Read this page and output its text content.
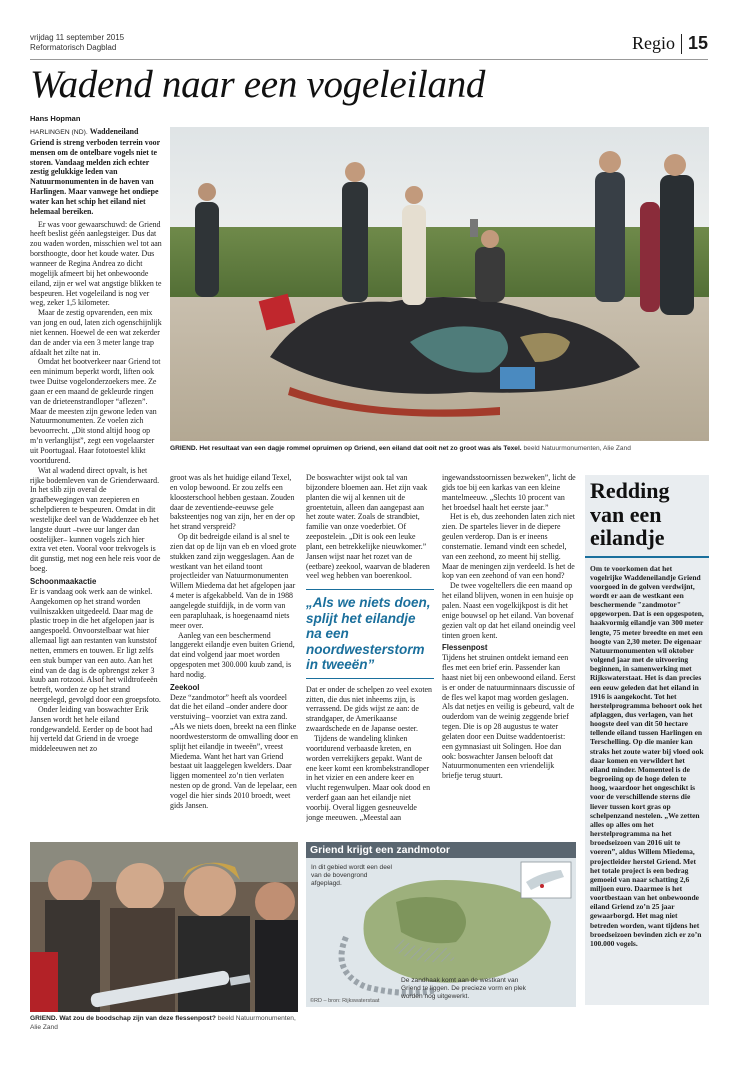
vrijdag 11 september 2015
Reformatorisch Dagblad	Regio 15
Wadend naar een vogeleiland
Hans Hopman

HARLINGEN (ND). Waddeneiland Griend is streng verboden terrein voor mensen om de ontelbare vogels niet te storen. Vandaag melden zich echter zestig gelukkige leden van Natuurmonumenten in de haven van Harlingen. Maar vanwege het ondiepe water kan het schip het eiland niet helemaal bereiken.

Er was voor gewaarschuwd: de Griend heeft beslist géén aanlegsteiger. Dus dat zou waden worden, misschien wel tot aan borsthoogte, door het koude water. Dus wanneer de Regina Andrea zo dicht mogelijk afmeert bij het onbewoonde eiland, zijn er wel wat angstige blikken te bespeuren. Het vogeleiland is nog ver weg, zeker 1,5 kilometer.

Maar de zestig opvarenden, een mix van jong en oud, laten zich ogenschijnlijk niet kennen. Hoewel de een wat zekerder dan de ander via een 3 meter lange trap afdaalt het zilte nat in.

Omdat het bootverkeer naar Griend tot een minimum beperkt wordt, liften ook twee Duitse vogelonderzoekers mee. Ze gaan er een maand de gekleurde ringen van de drieteenstrandloper “aflezen”. Maar de meesten zijn gewone leden van Natuurmonumenten. Ze voelen zich bevoorrecht. „Dit stond altijd hoog op m’n verlanglijst”, zegt een vogelaarster uit Poortugaal. Haar fototoestel klikt voortdurend.

Wat al wadend direct opvalt, is het rijke bodemleven van de Grienderwaard. In het slib zijn overal de graafbewegingen van zeepieren en schelpdieren te bespeuren. Omdat in dit westelijke deel van de Waddenzee eb het langste duurt –twee uur langer dan oostelijker– kunnen vogels zich hier extra vet eten. Vooral voor trekvogels is dit gunstig, met nog een hele reis voor de boeg.

Schoonmaakactie

Er is vandaag ook werk aan de winkel. Aangekomen op het strand worden vuilniszakken uitgedeeld. Daar mag de plastic troep in die het afgelopen jaar is aangespoeld. Onvoorstelbaar wat hier allemaal ligt aan restanten van kunststof netten, emmers en touwen. Er ligt zelfs een stuk bumper van een auto. Aan het eind van de dag is de opbrengst zeker 3 kuub aan rotzooi. Alsof het wildtrofeeën betreft, worden ze op het strand neergelegd, gevolgd door een groepsfoto.

Onder leiding van boswachter Erik Jansen wordt het hele eiland rondgewandeld. Eerder op de boot had hij verteld dat Griend in de vroege middeleeuwen net zo

GRIEND. Het resultaat van een dagje rommel opruimen op Griend, een eiland dat ooit net zo groot was als Texel. beeld Natuurmonumenten, Alie Zand

groot was als het huidige eiland Texel, en volop bewoond. Er zou zelfs een kloosterschool hebben gestaan. Zouden daar de zeventiende-eeuwse gele baksteentjes nog van zijn, her en der op het strand verspreid?

Op dit bedreigde eiland is al snel te zien dat op de lijn van eb en vloed grote stukken zand zijn weggeslagen. Aan de westkant van het eiland toont projectleider van Natuurmonumenten Willem Miedema dat het afgelopen jaar 4 meter is afgekabbeld. Van de in 1988 aangelegde stuifdijk, in de vorm van een parapluhaak, is hoegenaamd niets meer over.

Aanleg van een beschermend langgerekt eilandje even buiten Griend, dat eind volgend jaar moet worden opgespoten met 300.000 kuub zand, is hard nodig.

Zeekool

Deze “zandmotor” heeft als voordeel dat die het eiland –onder andere door verstuiving– voorziet van extra zand. „Als we niets doen, breekt na een flinke noordwesterstorm de omwalling door en splijt het eilandje in tweeën”, vreest Miedema. Want het hart van Griend bestaat uit laaggelegen kwelders. Daar liggen momenteel zo’n tien verlaten nesten op de grond. Van de lepelaar, een vogel die hier sinds 2010 broedt, weet gids Jansen.

De boswachter wijst ook tal van bijzondere bloemen aan. Het zijn vaak planten die wij al kennen uit de groentetuin, alleen dan aangepast aan het zoute water. Zoals de strandbiet, familie van onze voederbiet. Of zeepostelein. „Dit is ook een leuke plant, een betrekkelijke nieuwkomer.” Jansen wijst naar het rozet van de (eetbare) zeekool, waarvan de bladeren veel weg hebben van boerenkool.

„Als we niets doen, splijt het eilandje na een noordwesterstorm in tweeën”

Dat er onder de schelpen zo veel exoten zitten, die dus niet inheems zijn, is verrassend. De gids wijst ze aan: de strandgaper, de Amerikaanse zwaardschede en de Japanse oester.

Tijdens de wandeling klinken voortdurend verbaasde kreten, en worden verrekijkers gepakt. Want de ene keer komt een krombekstrandloper in het vizier en een andere keer en vlucht regenwulpen. Maar ook dood en verderf gaan aan het eilandje niet voorbij. Overal liggen gesneuvelde jonge meeuwen. „Meestal aan

ingewandsstoornissen bezweken”, licht de gids toe bij een karkas van een kleine mantelmeeuw. „Slechts 10 procent van het broedsel haalt het eerste jaar.”

Het is eb, dus zeehonden laten zich niet zien. De sparteles liever in de diepere geulen verderop. Dan is er ineens consternatie. Iemand vindt een schedel, van een zeehond, zo meent hij stellig. Maar de meningen zijn verdeeld. Is het de kop van een zeehond of van een hond?

De twee vogeltellers die een maand op het eiland blijven, wonen in een huisje op palen. Naast een vogelkijkpost is dit het enige bouwsel op het eiland. Van bovenaf gezien valt op dat het eiland oneindig veel tinten groen kent.

Flessenpost

Tijdens het struinen ontdekt iemand een fles met een brief erin. Passender kan haast niet bij een onbewoond eiland. Eerst is er onder de natuurminnaars discussie of de fles wel kapot mag worden geslagen. Als dat netjes en veilig is gebeurd, valt de ouderdom van de weinig zeggende brief tegen. Die is op 28 augustus te water gelaten door een Duitse waddentoerist: een gymnasiast uit Solingen. Hoe dan ook: boswachter Jansen belooft dat Natuurmonumenten een vriendelijk briefje terug stuurt.

Redding van een eilandje
Om te voorkomen dat het vogelrijke Waddeneilandje Griend voorgoed in de golven verdwijnt, wordt er aan de westkant een beschermende "zandmotor" opgeworpen. Dat is een opgespoten, haakvormig eilandje van 300 meter lengte, 75 meter breedte en met een hoogte van 2,30 meter. De eigenaar Natuurmonumenten wil oktober volgend jaar met de uitvoering beginnen, in samenwerking met Rijkswaterstaat. Het is dan precies een eeuw geleden dat het eiland in 1916 is aangekocht. Tot het herstelprogramma behoort ook het afplaggen, dus verlagen, van het hoogste deel van dit 50 hectare tellende eiland tussen Harlingen en Terschelling. Op die manier kan straks het zoute water bij vloed ook daar komen en verwildert het eiland minder. Momenteel is de begroeiing op de hoge delen te hoog, waardoor het ongeschikt is voor de verschillende sterns die liever tussen kort gras op schelpenzand nestelen. „We zetten alles op alles om het herstelprogramma na het broedseizoen van 2016 uit te voeren”, aldus Willem Miedema, projectleider herstel Griend. Met het totale project is een bedrag gemoeid van naar schatting 2,6 miljoen euro. Daarmee is het voortbestaan van het onbewoonde eiland Griend zo’n 25 jaar gewaarborgd. Het mag niet betreden worden, want tijdens het broedseizoen bevinden zich er zo’n 100.000 vogels.
GRIEND. Wat zou de boodschap zijn van deze flessenpost? beeld Natuurmonumenten, Alie Zand
Griend krijgt een zandmotor
In dit gebied wordt een deel van de bovengrond afgeplagd.
De zandhaak komt aan de westkant van Griend te liggen. De precieze vorm en plek worden nog uitgewerkt.
©RD – bron: Rijkswaterstaat
